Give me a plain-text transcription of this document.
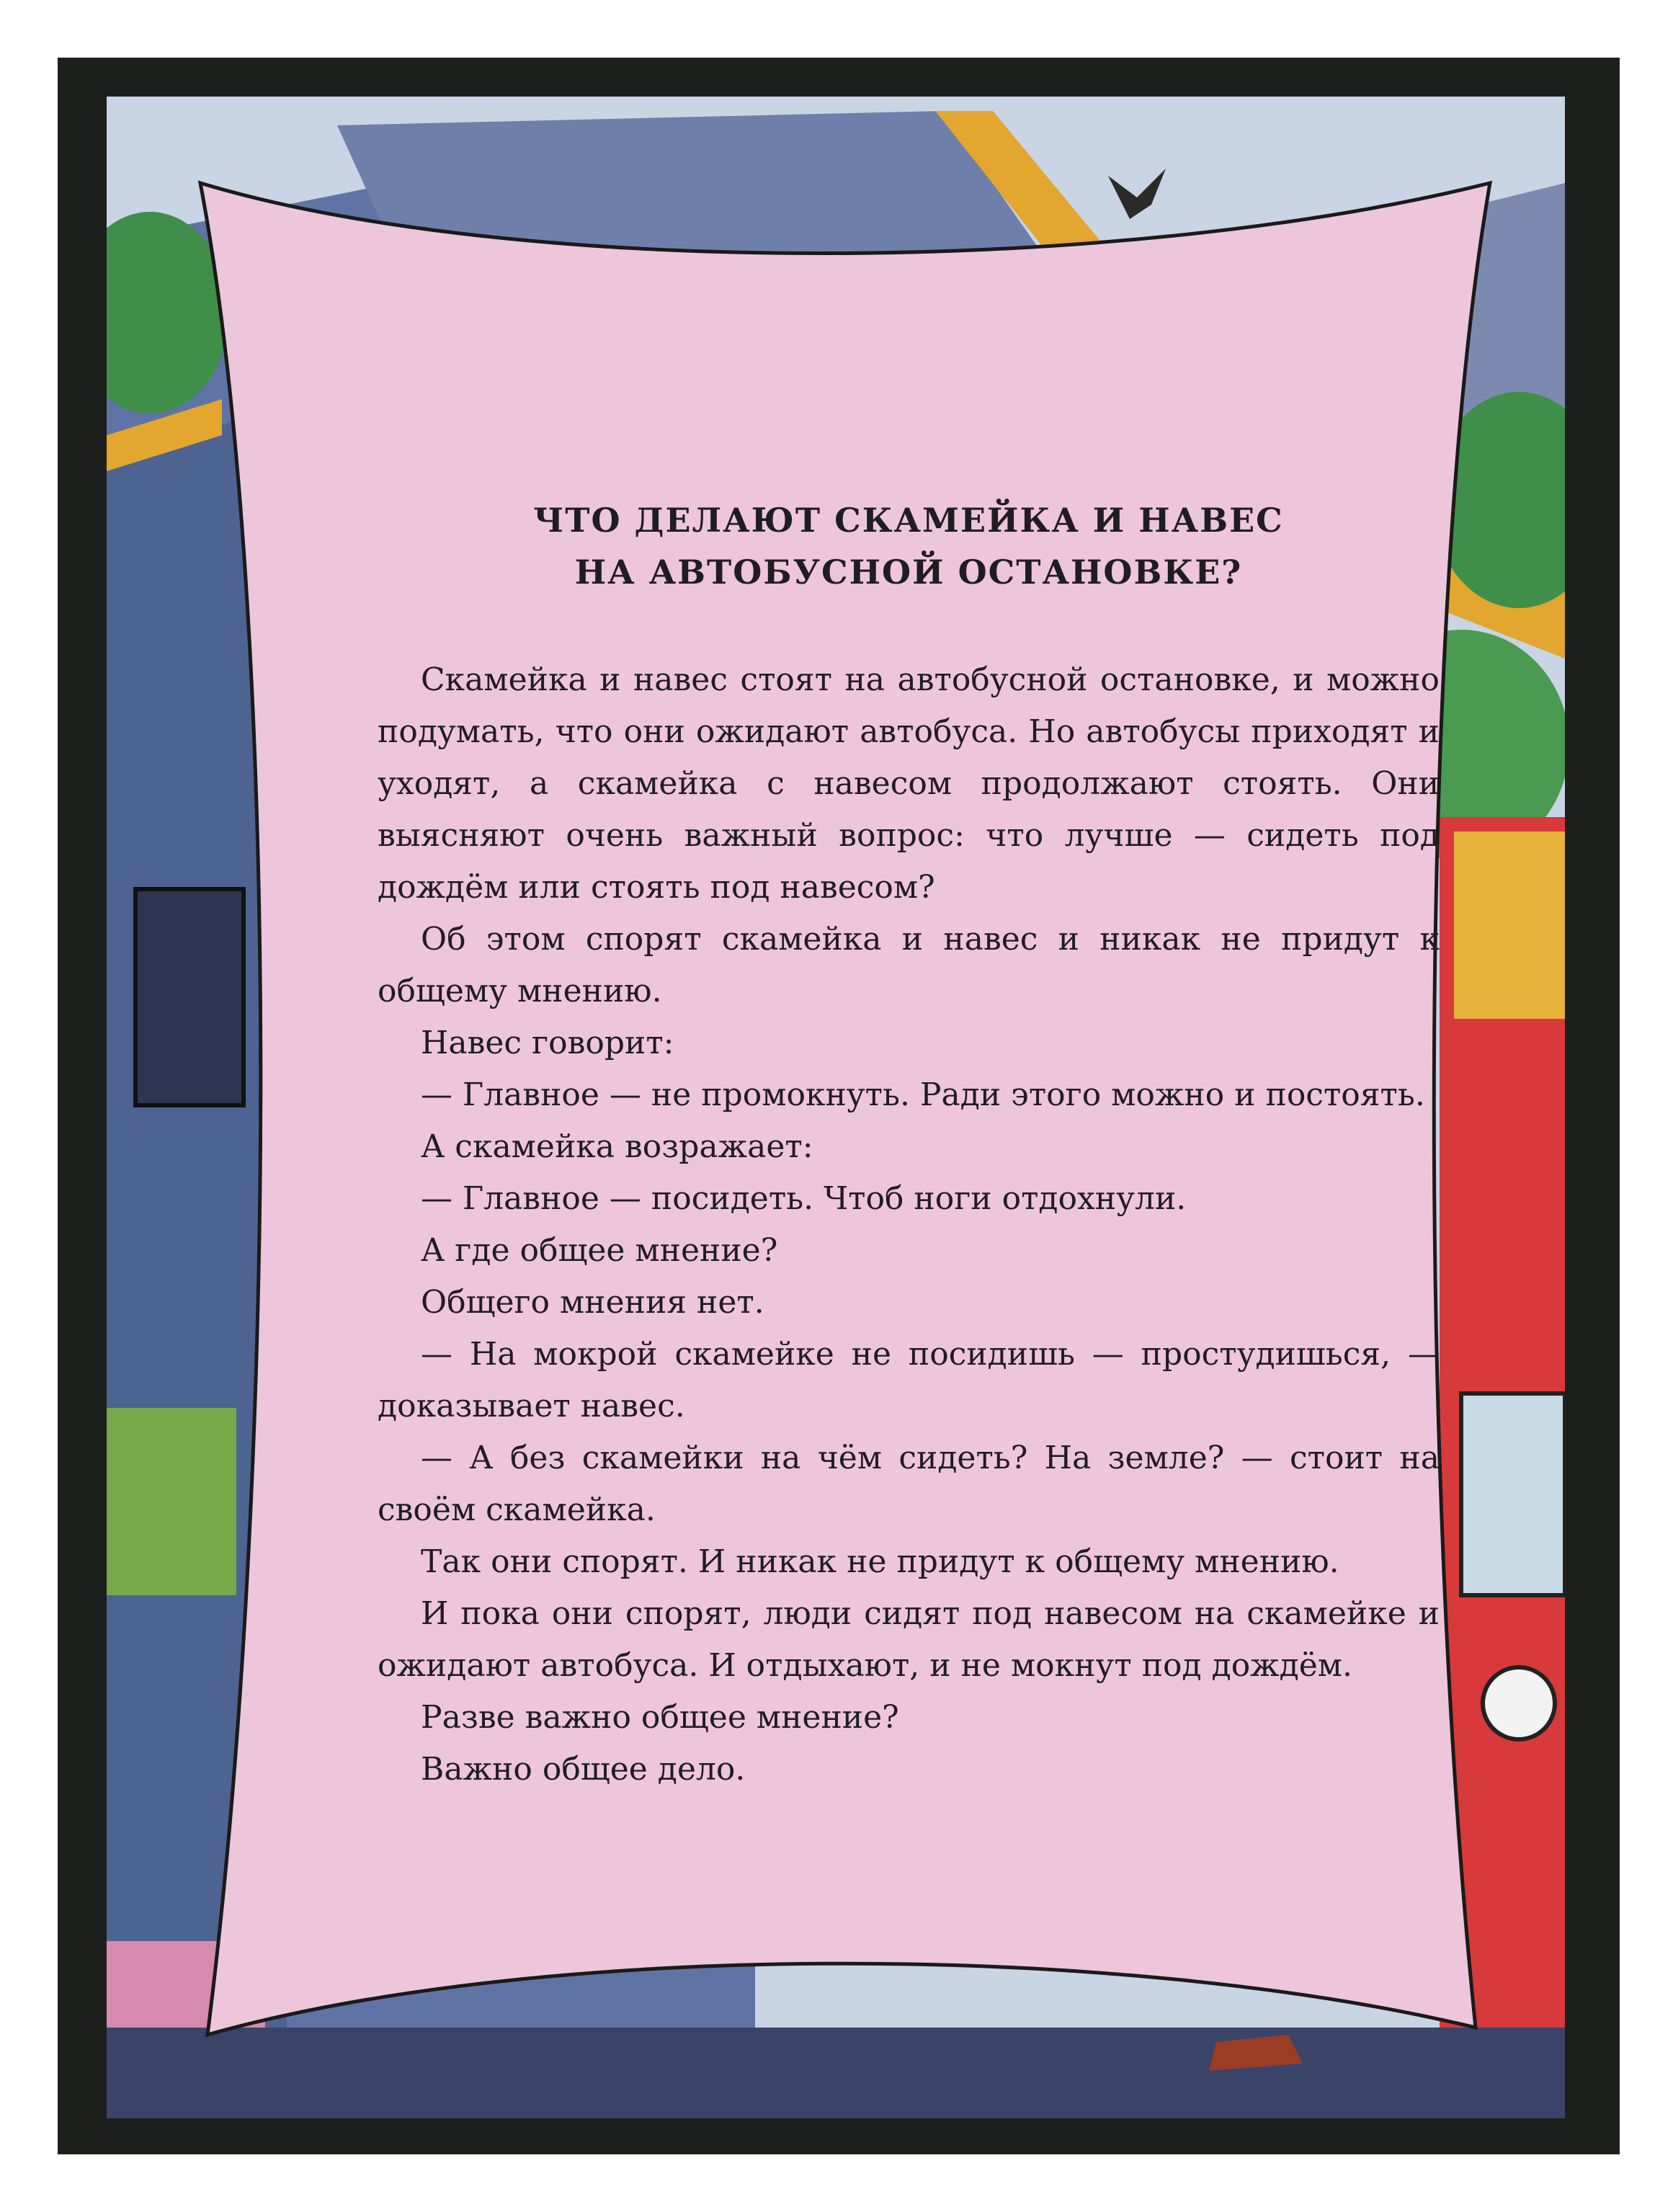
ЧТО ДЕЛАЮТ СКАМЕЙКА И НАВЕС
НА АВТОБУСНОЙ ОСТАНОВКЕ?

Скамейка и навес стоят на автобусной остановке, и можно подумать, что они ожидают автобуса. Но автобусы приходят и уходят, а скамейка с навесом продолжают стоять. Они выясняют очень важный вопрос: что лучше — сидеть под дождём или стоять под навесом?

Об этом спорят скамейка и навес и никак не придут к общему мнению.

Навес говорит:

— Главное — не промокнуть. Ради этого можно и постоять.

А скамейка возражает:

— Главное — посидеть. Чтоб ноги отдохнули.

А где общее мнение?

Общего мнения нет.

— На мокрой скамейке не посидишь — простудишься, — доказывает навес.

— А без скамейки на чём сидеть? На земле? — стоит на своём скамейка.

Так они спорят. И никак не придут к общему мнению.

И пока они спорят, люди сидят под навесом на скамейке и ожидают автобуса. И отдыхают, и не мокнут под дождём.

Разве важно общее мнение?

Важно общее дело.
